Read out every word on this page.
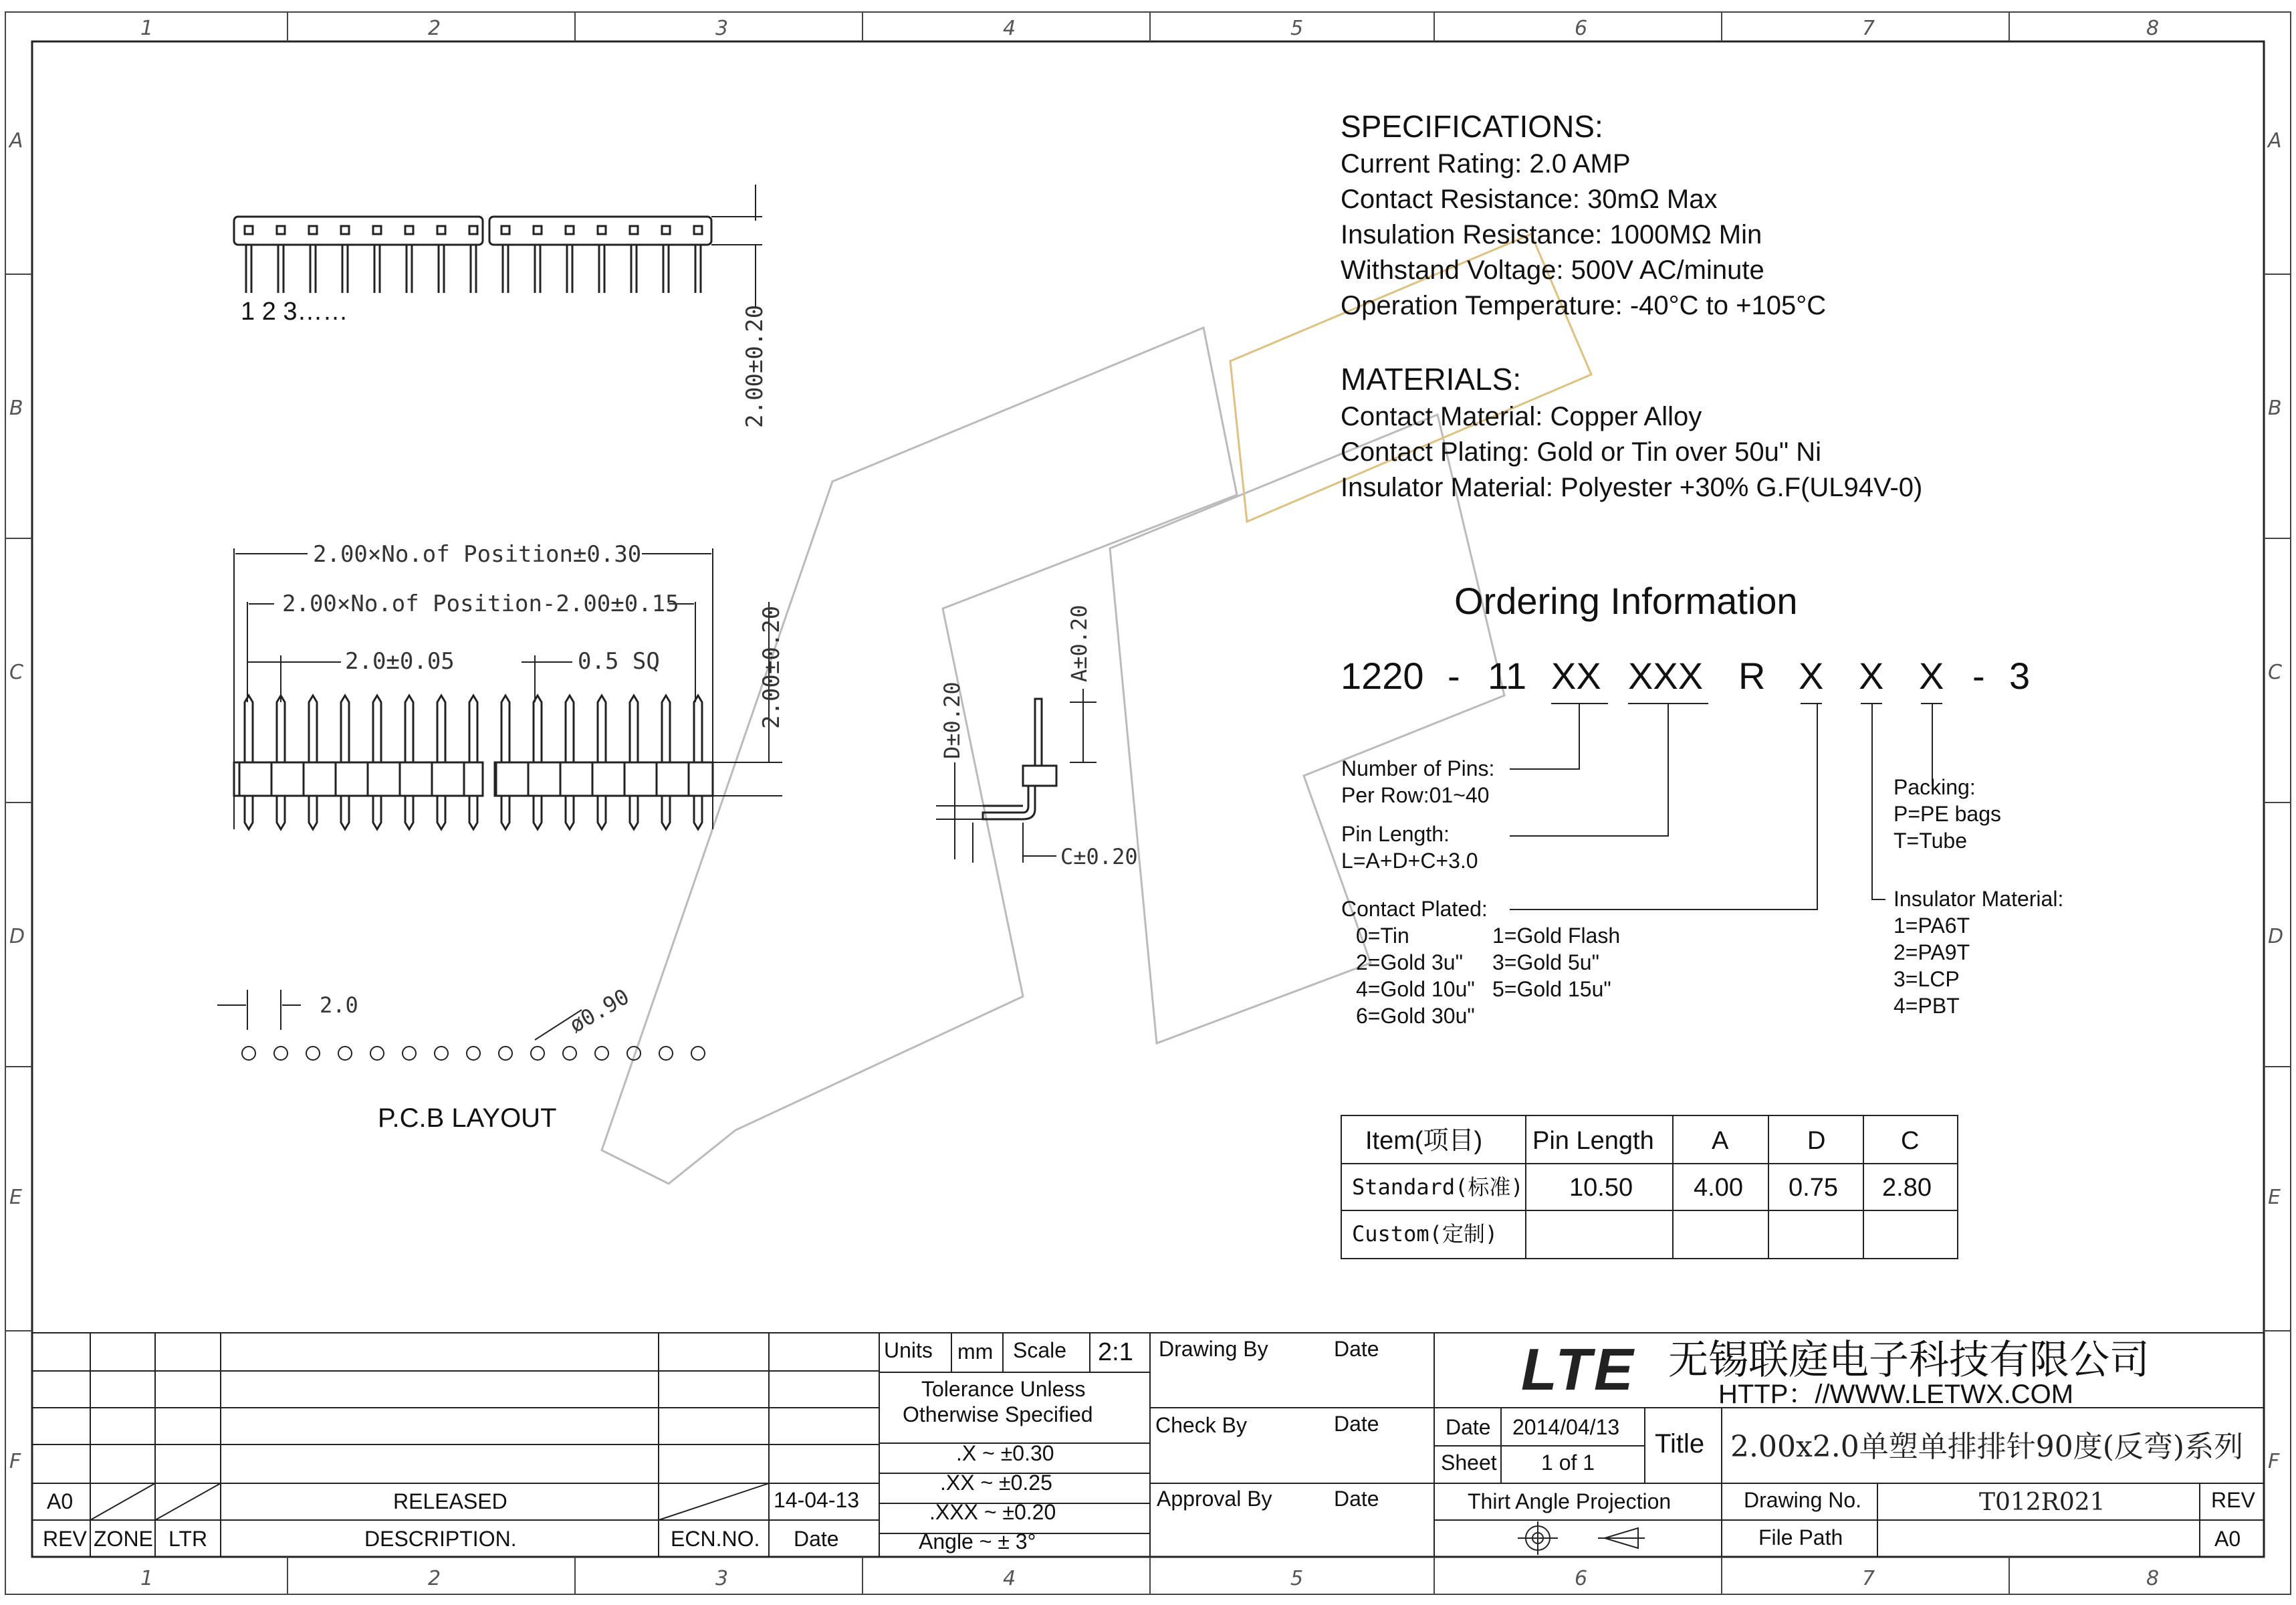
1	2	3	4	5	6	7	8
1	2	3	4	5	6	7	8
A
B
C
D
E
F
A
B
C
D
E
F
1 2 3……	2.00±0.20
2.00×No.of Position±0.30
2.00×No.of Position-2.00±0.15
2.0±0.05	0.5 SQ	2.00±0.20	A±0.20
D±0.20
C±0.20
2.0	ø0.90
P.C.B LAYOUT
SPECIFICATIONS:
Current Rating: 2.0 AMP
Contact Resistance: 30mΩ Max
Insulation Resistance: 1000MΩ Min
Withstand Voltage: 500V AC/minute
Operation Temperature: -40°C to +105°C
MATERIALS:
Contact Material: Copper Alloy
Contact Plating: Gold or Tin over 50u" Ni
Insulator Material: Polyester +30% G.F(UL94V-0)
Ordering Information
1220 - 11 XX XXX R X X X - 3
Number of Pins:
Per Row:01~40
Pin Length:
L=A+D+C+3.0
Contact Plated:
0=Tin	1=Gold Flash
2=Gold 3u" 3=Gold 5u"
4=Gold 10u" 5=Gold 15u"
6=Gold 30u"
Packing:
P=PE bags
T=Tube
Insulator Material:
1=PA6T
2=PA9T
3=LCP
4=PBT
Item(项目) Pin Length A	D	C
Standard(标准) 10.50 4.00 0.75 2.80
Custom(定制)
Units mm Scale 2:1
Tolerance Unless
Otherwise Specified
.X ~ ±0.30
.XX ~ ±0.25
.XXX ~ ±0.20
Angle ~ ± 3°
Drawing By	Date
Check By	Date
Approval By	Date
LTE 无锡联庭电子科技有限公司
HTTP：//WWW.LETWX.COM
Date 2014/04/13
Sheet 1 of 1
Title 2.00x2.0单塑单排排针90度(反弯)系列
Thirt Angle Projection	Drawing No.	T012R021
File Path
REV
A0
A0	RELEASED	14-04-13
REV ZONE LTR	DESCRIPTION.	ECN.NO. Date
